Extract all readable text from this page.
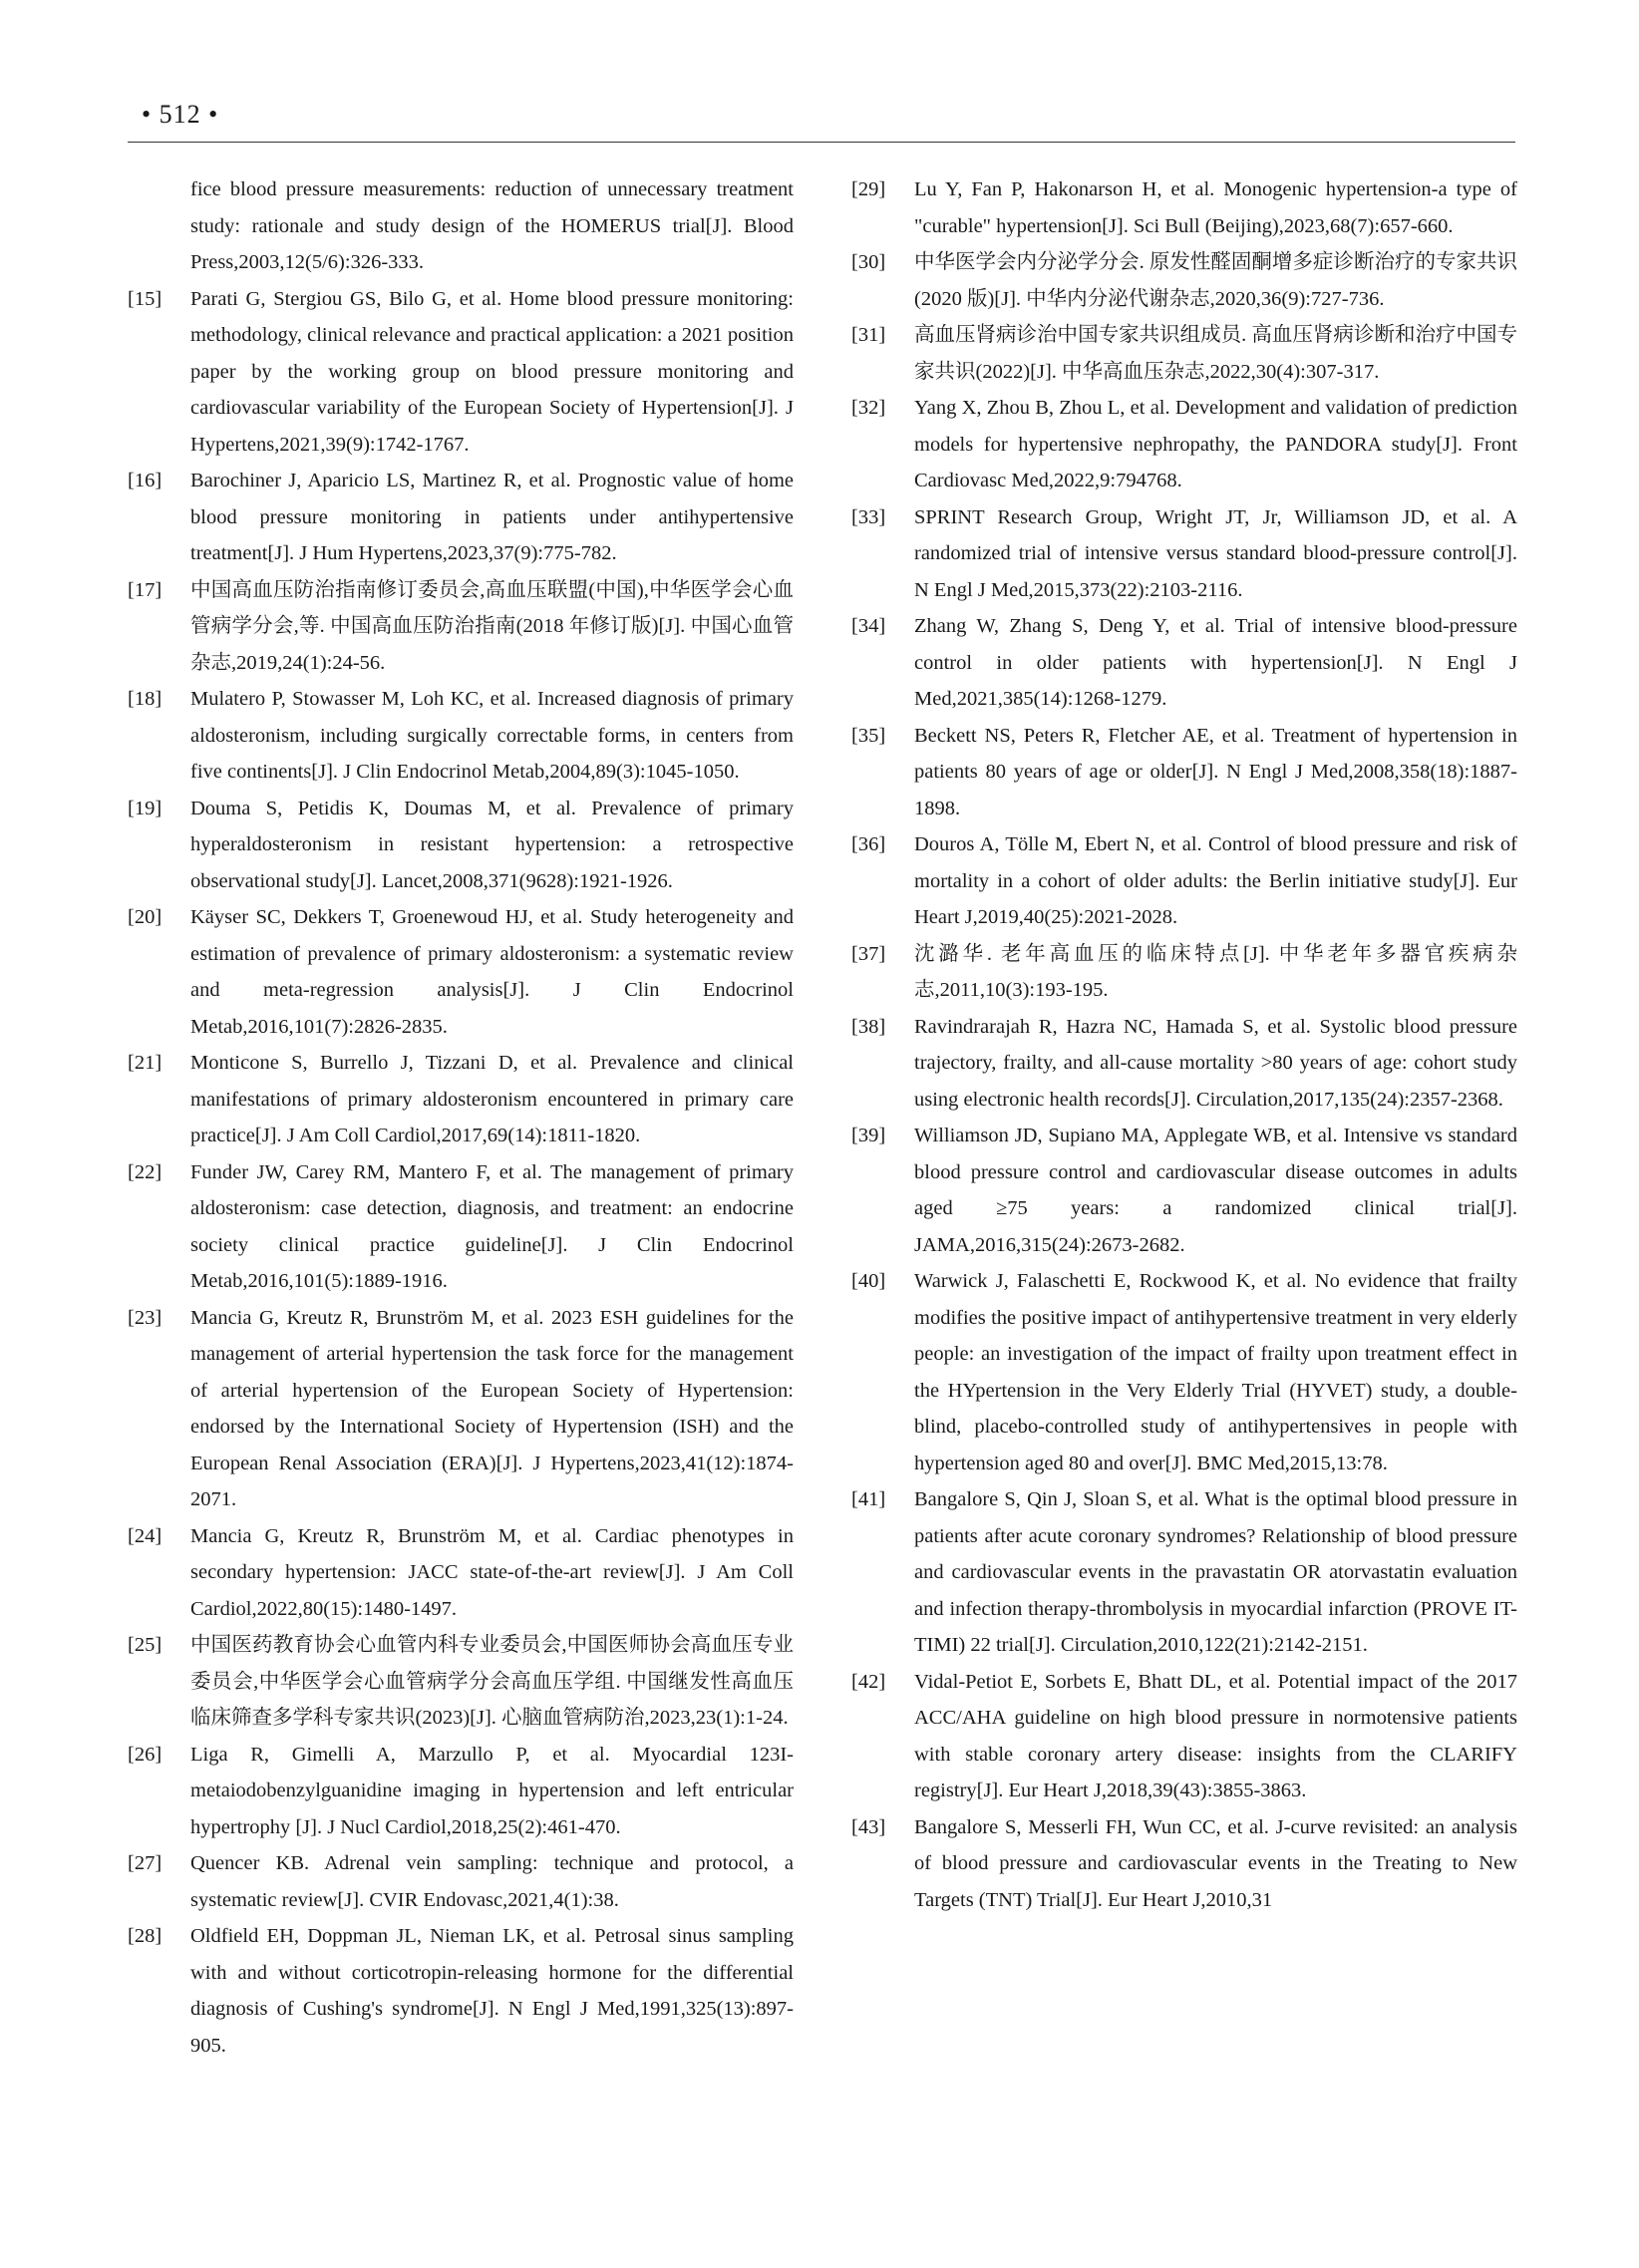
• 512 •
fice blood pressure measurements: reduction of unnecessary treatment study: rationale and study design of the HOMERUS trial[J]. Blood Press,2003,12(5/6):326-333.
[15] Parati G, Stergiou GS, Bilo G, et al. Home blood pressure monitoring: methodology, clinical relevance and practical application: a 2021 position paper by the working group on blood pressure monitoring and cardiovascular variability of the European Society of Hypertension[J]. J Hypertens,2021,39(9):1742-1767.
[16] Barochiner J, Aparicio LS, Martinez R, et al. Prognostic value of home blood pressure monitoring in patients under antihypertensive treatment[J]. J Hum Hypertens,2023,37(9):775-782.
[17] 中国高血压防治指南修订委员会,高血压联盟(中国),中华医学会心血管病学分会,等. 中国高血压防治指南(2018 年修订版)[J]. 中国心血管杂志,2019,24(1):24-56.
[18] Mulatero P, Stowasser M, Loh KC, et al. Increased diagnosis of primary aldosteronism, including surgically correctable forms, in centers from five continents[J]. J Clin Endocrinol Metab,2004,89(3):1045-1050.
[19] Douma S, Petidis K, Doumas M, et al. Prevalence of primary hyperaldosteronism in resistant hypertension: a retrospective observational study[J]. Lancet,2008,371(9628):1921-1926.
[20] Käyser SC, Dekkers T, Groenewoud HJ, et al. Study heterogeneity and estimation of prevalence of primary aldosteronism: a systematic review and meta-regression analysis[J]. J Clin Endocrinol Metab,2016,101(7):2826-2835.
[21] Monticone S, Burrello J, Tizzani D, et al. Prevalence and clinical manifestations of primary aldosteronism encountered in primary care practice[J]. J Am Coll Cardiol,2017,69(14):1811-1820.
[22] Funder JW, Carey RM, Mantero F, et al. The management of primary aldosteronism: case detection, diagnosis, and treatment: an endocrine society clinical practice guideline[J]. J Clin Endocrinol Metab,2016,101(5):1889-1916.
[23] Mancia G, Kreutz R, Brunström M, et al. 2023 ESH guidelines for the management of arterial hypertension the task force for the management of arterial hypertension of the European Society of Hypertension: endorsed by the International Society of Hypertension (ISH) and the European Renal Association (ERA)[J]. J Hypertens,2023,41(12):1874-2071.
[24] Mancia G, Kreutz R, Brunström M, et al. Cardiac phenotypes in secondary hypertension: JACC state-of-the-art review[J]. J Am Coll Cardiol,2022,80(15):1480-1497.
[25] 中国医药教育协会心血管内科专业委员会,中国医师协会高血压专业委员会,中华医学会心血管病学分会高血压学组. 中国继发性高血压临床筛查多学科专家共识(2023)[J]. 心脑血管病防治,2023,23(1):1-24.
[26] Liga R, Gimelli A, Marzullo P, et al. Myocardial 123I-metaiodobenzylguanidine imaging in hypertension and left entricular hypertrophy [J]. J Nucl Cardiol,2018,25(2):461-470.
[27] Quencer KB. Adrenal vein sampling: technique and protocol, a systematic review[J]. CVIR Endovasc,2021,4(1):38.
[28] Oldfield EH, Doppman JL, Nieman LK, et al. Petrosal sinus sampling with and without corticotropin-releasing hormone for the differential diagnosis of Cushing's syndrome[J]. N Engl J Med,1991,325(13):897-905.
[29] Lu Y, Fan P, Hakonarson H, et al. Monogenic hypertension-a type of "curable" hypertension[J]. Sci Bull (Beijing),2023,68(7):657-660.
[30] 中华医学会内分泌学分会. 原发性醛固酮增多症诊断治疗的专家共识(2020 版)[J]. 中华内分泌代谢杂志,2020,36(9):727-736.
[31] 高血压肾病诊治中国专家共识组成员. 高血压肾病诊断和治疗中国专家共识(2022)[J]. 中华高血压杂志,2022,30(4):307-317.
[32] Yang X, Zhou B, Zhou L, et al. Development and validation of prediction models for hypertensive nephropathy, the PANDORA study[J]. Front Cardiovasc Med,2022,9:794768.
[33] SPRINT Research Group, Wright JT, Jr, Williamson JD, et al. A randomized trial of intensive versus standard blood-pressure control[J]. N Engl J Med,2015,373(22):2103-2116.
[34] Zhang W, Zhang S, Deng Y, et al. Trial of intensive blood-pressure control in older patients with hypertension[J]. N Engl J Med,2021,385(14):1268-1279.
[35] Beckett NS, Peters R, Fletcher AE, et al. Treatment of hypertension in patients 80 years of age or older[J]. N Engl J Med,2008,358(18):1887-1898.
[36] Douros A, Tölle M, Ebert N, et al. Control of blood pressure and risk of mortality in a cohort of older adults: the Berlin initiative study[J]. Eur Heart J,2019,40(25):2021-2028.
[37] 沈潞华. 老年高血压的临床特点[J]. 中华老年多器官疾病杂志,2011,10(3):193-195.
[38] Ravindrarajah R, Hazra NC, Hamada S, et al. Systolic blood pressure trajectory, frailty, and all-cause mortality >80 years of age: cohort study using electronic health records[J]. Circulation,2017,135(24):2357-2368.
[39] Williamson JD, Supiano MA, Applegate WB, et al. Intensive vs standard blood pressure control and cardiovascular disease outcomes in adults aged ≥75 years: a randomized clinical trial[J]. JAMA,2016,315(24):2673-2682.
[40] Warwick J, Falaschetti E, Rockwood K, et al. No evidence that frailty modifies the positive impact of antihypertensive treatment in very elderly people: an investigation of the impact of frailty upon treatment effect in the HYpertension in the Very Elderly Trial (HYVET) study, a double-blind, placebo-controlled study of antihypertensives in people with hypertension aged 80 and over[J]. BMC Med,2015,13:78.
[41] Bangalore S, Qin J, Sloan S, et al. What is the optimal blood pressure in patients after acute coronary syndromes? Relationship of blood pressure and cardiovascular events in the pravastatin OR atorvastatin evaluation and infection therapy-thrombolysis in myocardial infarction (PROVE IT-TIMI) 22 trial[J]. Circulation,2010,122(21):2142-2151.
[42] Vidal-Petiot E, Sorbets E, Bhatt DL, et al. Potential impact of the 2017 ACC/AHA guideline on high blood pressure in normotensive patients with stable coronary artery disease: insights from the CLARIFY registry[J]. Eur Heart J,2018,39(43):3855-3863.
[43] Bangalore S, Messerli FH, Wun CC, et al. J-curve revisited: an analysis of blood pressure and cardiovascular events in the Treating to New Targets (TNT) Trial[J]. Eur Heart J,2010,31
